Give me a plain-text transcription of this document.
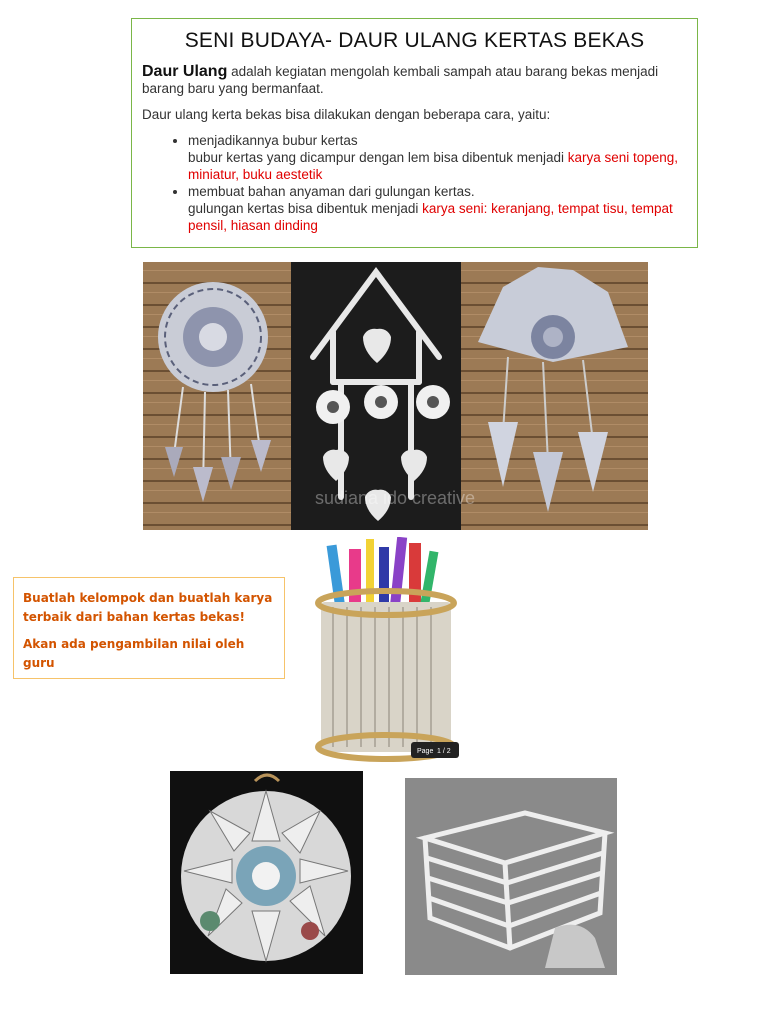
SENI BUDAYA- DAUR ULANG KERTAS BEKAS

Daur Ulang adalah kegiatan mengolah kembali sampah atau barang bekas menjadi barang baru yang bermanfaat.

Daur ulang kerta bekas bisa dilakukan dengan beberapa cara, yaitu:

• menjadikannya bubur kertas
bubur kertas yang dicampur dengan lem bisa dibentuk menjadi karya seni topeng, miniatur, buku aestetik
• membuat bahan anyaman dari gulungan kertas.
gulungan kertas bisa dibentuk menjadi karya seni: keranjang, tempat tisu, tempat pensil, hiasan dinding
sudiana ido creative

Buatlah kelompok dan buatlah karya terbaik dari bahan kertas bekas!

Akan ada pengambilan nilai oleh guru

Page 1 / 2
